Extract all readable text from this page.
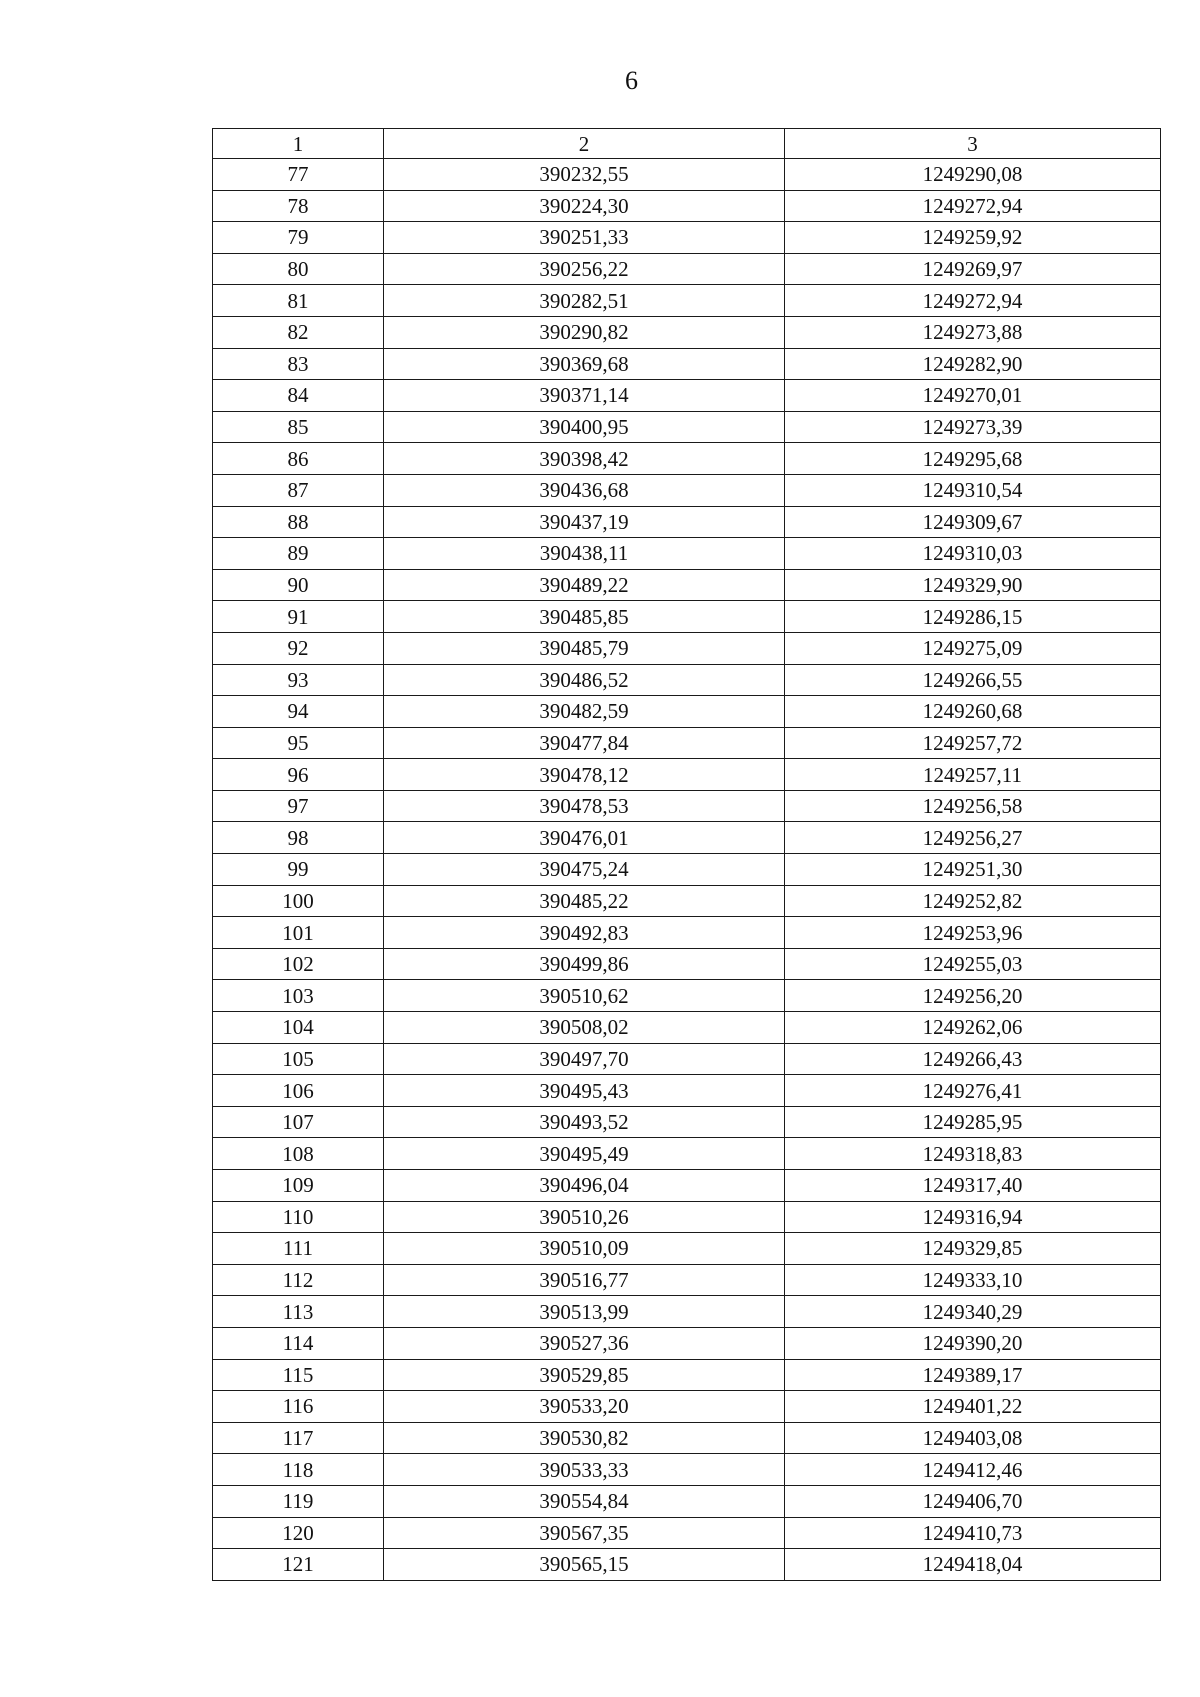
6
1	2	3
77	390232,55	1249290,08
78	390224,30	1249272,94
79	390251,33	1249259,92
80	390256,22	1249269,97
81	390282,51	1249272,94
82	390290,82	1249273,88
83	390369,68	1249282,90
84	390371,14	1249270,01
85	390400,95	1249273,39
86	390398,42	1249295,68
87	390436,68	1249310,54
88	390437,19	1249309,67
89	390438,11	1249310,03
90	390489,22	1249329,90
91	390485,85	1249286,15
92	390485,79	1249275,09
93	390486,52	1249266,55
94	390482,59	1249260,68
95	390477,84	1249257,72
96	390478,12	1249257,11
97	390478,53	1249256,58
98	390476,01	1249256,27
99	390475,24	1249251,30
100	390485,22	1249252,82
101	390492,83	1249253,96
102	390499,86	1249255,03
103	390510,62	1249256,20
104	390508,02	1249262,06
105	390497,70	1249266,43
106	390495,43	1249276,41
107	390493,52	1249285,95
108	390495,49	1249318,83
109	390496,04	1249317,40
110	390510,26	1249316,94
111	390510,09	1249329,85
112	390516,77	1249333,10
113	390513,99	1249340,29
114	390527,36	1249390,20
115	390529,85	1249389,17
116	390533,20	1249401,22
117	390530,82	1249403,08
118	390533,33	1249412,46
119	390554,84	1249406,70
120	390567,35	1249410,73
121	390565,15	1249418,04
